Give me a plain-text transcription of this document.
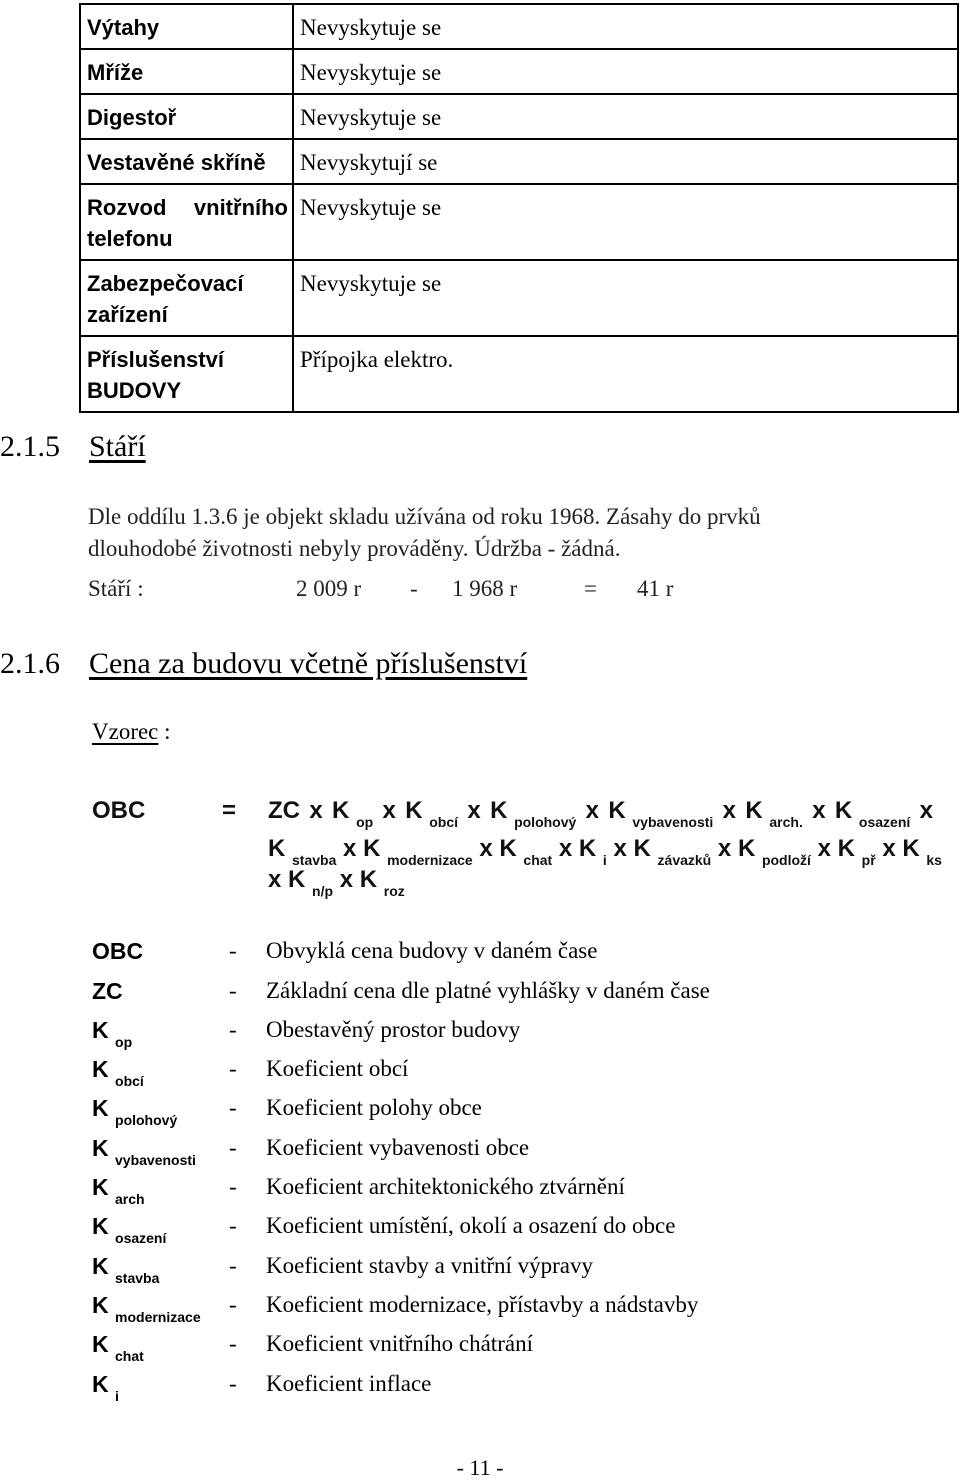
Výtahy	Nevyskytuje se
Mříže	Nevyskytuje se
Digestoř	Nevyskytuje se
Vestavěné skříně	Nevyskytují se
Rozvod vnitřního telefonu	Nevyskytuje se
Zabezpečovací zařízení	Nevyskytuje se
Příslušenství BUDOVY	Přípojka elektro.
2.1.5 Stáří
Dle oddílu 1.3.6 je objekt skladu užívána od roku 1968. Zásahy do prvků
dlouhodobé životnosti nebyly prováděny. Údržba - žádná.
Stáří :	2 009 r - 1 968 r	= 41 r
2.1.6 Cena za budovu včetně příslušenství
Vzorec :
OBC	= ZC x K $_{op}$ x K $_{obcí}$ x K $_{polohový}$ x K $_{vybavenosti}$ x K $_{arch.}$ x K $_{osazení}$ x
K $_{stavba}$ x K $_{modernizace}$ x K $_{chat}$ x K $_i$ x K $_{závazků}$ x K $_{podloží}$ x K $_{př}$ x K $_{ks}$
x K $_{n/p}$ x K $_{roz}$
OBC	- Obvyklá cena budovy v daném čase
ZC	- Základní cena dle platné vyhlášky v daném čase
K $_{op}$	- Obestavěný prostor budovy
K $_{obcí}$	- Koeficient obcí
K $_{polohový}$ - Koeficient polohy obce
K $_{vybavenosti}$ - Koeficient vybavenosti obce
K $_{arch}$	- Koeficient architektonického ztvárnění
K $_{osazení}$	- Koeficient umístění, okolí a osazení do obce
K $_{stavba}$	- Koeficient stavby a vnitřní výpravy
K $_{modernizace}$ - Koeficient modernizace, přístavby a nádstavby
K $_{chat}$	- Koeficient vnitřního chátrání
K $_i$	- Koeficient inflace
- 11 -
